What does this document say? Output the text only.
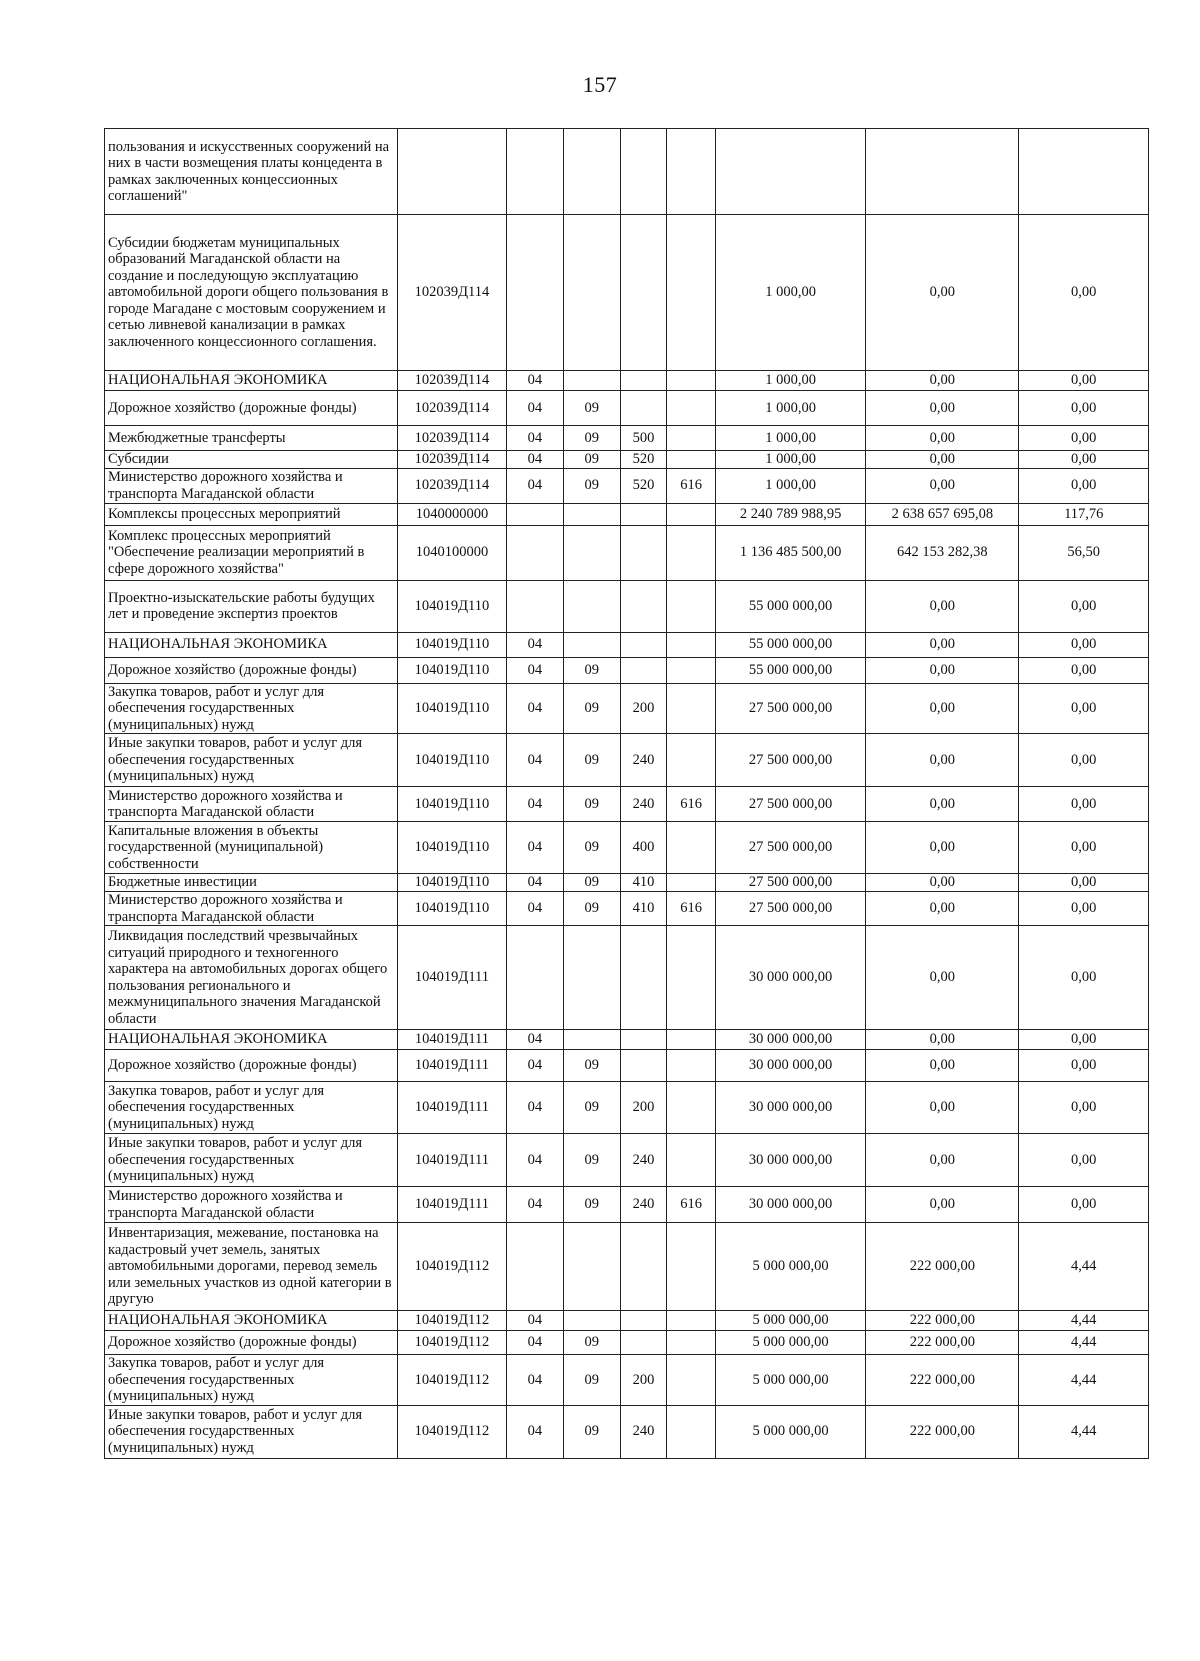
157
пользования и искусственных сооружений на них в части возмещения платы концедента в рамках заключенных концессионных соглашений"								
Субсидии бюджетам муниципальных образований Магаданской области на создание и последующую эксплуатацию автомобильной дороги общего пользования в городе Магадане с мостовым сооружением и сетью ливневой канализации в рамках заключенного концессионного соглашения.	102039Д114					1 000,00	0,00	0,00
НАЦИОНАЛЬНАЯ ЭКОНОМИКА	102039Д114	04				1 000,00	0,00	0,00
Дорожное хозяйство (дорожные фонды)	102039Д114	04	09			1 000,00	0,00	0,00
Межбюджетные трансферты	102039Д114	04	09	500		1 000,00	0,00	0,00
Субсидии	102039Д114	04	09	520		1 000,00	0,00	0,00
Министерство дорожного хозяйства и транспорта Магаданской области	102039Д114	04	09	520	616	1 000,00	0,00	0,00
Комплексы процессных мероприятий	1040000000					2 240 789 988,95	2 638 657 695,08	117,76
Комплекс процессных мероприятий "Обеспечение реализации мероприятий в сфере дорожного хозяйства"	1040100000					1 136 485 500,00	642 153 282,38	56,50
Проектно-изыскательские работы будущих лет и проведение экспертиз проектов	104019Д110					55 000 000,00	0,00	0,00
НАЦИОНАЛЬНАЯ ЭКОНОМИКА	104019Д110	04				55 000 000,00	0,00	0,00
Дорожное хозяйство (дорожные фонды)	104019Д110	04	09			55 000 000,00	0,00	0,00
Закупка товаров, работ и услуг для обеспечения государственных (муниципальных) нужд	104019Д110	04	09	200		27 500 000,00	0,00	0,00
Иные закупки товаров, работ и услуг для обеспечения государственных (муниципальных) нужд	104019Д110	04	09	240		27 500 000,00	0,00	0,00
Министерство дорожного хозяйства и транспорта Магаданской области	104019Д110	04	09	240	616	27 500 000,00	0,00	0,00
Капитальные вложения в объекты государственной (муниципальной) собственности	104019Д110	04	09	400		27 500 000,00	0,00	0,00
Бюджетные инвестиции	104019Д110	04	09	410		27 500 000,00	0,00	0,00
Министерство дорожного хозяйства и транспорта Магаданской области	104019Д110	04	09	410	616	27 500 000,00	0,00	0,00
Ликвидация последствий чрезвычайных ситуаций природного и техногенного характера на автомобильных дорогах общего пользования регионального и межмуниципального значения Магаданской области	104019Д111					30 000 000,00	0,00	0,00
НАЦИОНАЛЬНАЯ ЭКОНОМИКА	104019Д111	04				30 000 000,00	0,00	0,00
Дорожное хозяйство (дорожные фонды)	104019Д111	04	09			30 000 000,00	0,00	0,00
Закупка товаров, работ и услуг для обеспечения государственных (муниципальных) нужд	104019Д111	04	09	200		30 000 000,00	0,00	0,00
Иные закупки товаров, работ и услуг для обеспечения государственных (муниципальных) нужд	104019Д111	04	09	240		30 000 000,00	0,00	0,00
Министерство дорожного хозяйства и транспорта Магаданской области	104019Д111	04	09	240	616	30 000 000,00	0,00	0,00
Инвентаризация, межевание, постановка на кадастровый учет земель, занятых автомобильными дорогами, перевод земель или земельных участков из одной категории в другую	104019Д112					5 000 000,00	222 000,00	4,44
НАЦИОНАЛЬНАЯ ЭКОНОМИКА	104019Д112	04				5 000 000,00	222 000,00	4,44
Дорожное хозяйство (дорожные фонды)	104019Д112	04	09			5 000 000,00	222 000,00	4,44
Закупка товаров, работ и услуг для обеспечения государственных (муниципальных) нужд	104019Д112	04	09	200		5 000 000,00	222 000,00	4,44
Иные закупки товаров, работ и услуг для обеспечения государственных (муниципальных) нужд	104019Д112	04	09	240		5 000 000,00	222 000,00	4,44
